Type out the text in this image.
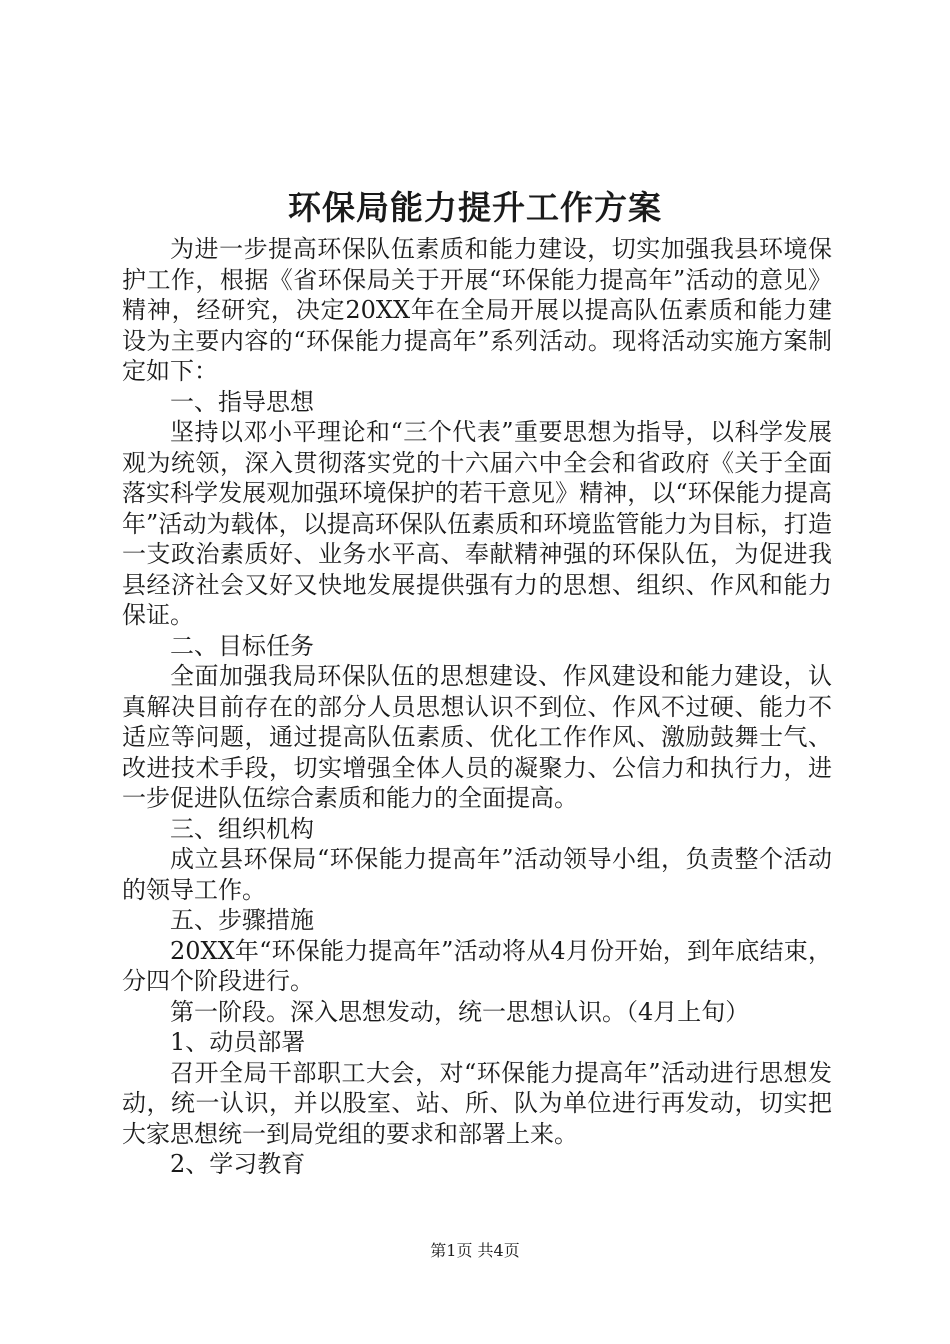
环保局能力提升工作方案

为进一步提高环保队伍素质和能力建设，切实加强我县环境保护工作，根据《省环保局关于开展“环保能力提高年”活动的意见》精神，经研究，决定20XX年在全局开展以提高队伍素质和能力建设为主要内容的“环保能力提高年”系列活动。现将活动实施方案制定如下：

一、指导思想

坚持以邓小平理论和“三个代表”重要思想为指导，以科学发展观为统领，深入贯彻落实党的十六届六中全会和省政府《关于全面落实科学发展观加强环境保护的若干意见》精神，以“环保能力提高年”活动为载体，以提高环保队伍素质和环境监管能力为目标，打造一支政治素质好、业务水平高、奉献精神强的环保队伍，为促进我县经济社会又好又快地发展提供强有力的思想、组织、作风和能力保证。

二、目标任务

全面加强我局环保队伍的思想建设、作风建设和能力建设，认真解决目前存在的部分人员思想认识不到位、作风不过硬、能力不适应等问题，通过提高队伍素质、优化工作作风、激励鼓舞士气、改进技术手段，切实增强全体人员的凝聚力、公信力和执行力，进一步促进队伍综合素质和能力的全面提高。

三、组织机构

成立县环保局“环保能力提高年”活动领导小组，负责整个活动的领导工作。

五、步骤措施

20XX年“环保能力提高年”活动将从4月份开始，到年底结束，分四个阶段进行。

第一阶段。深入思想发动，统一思想认识。（4月上旬）

1、动员部署

召开全局干部职工大会，对“环保能力提高年”活动进行思想发动，统一认识，并以股室、站、所、队为单位进行再发动，切实把大家思想统一到局党组的要求和部署上来。

2、学习教育

第1页 共4页
